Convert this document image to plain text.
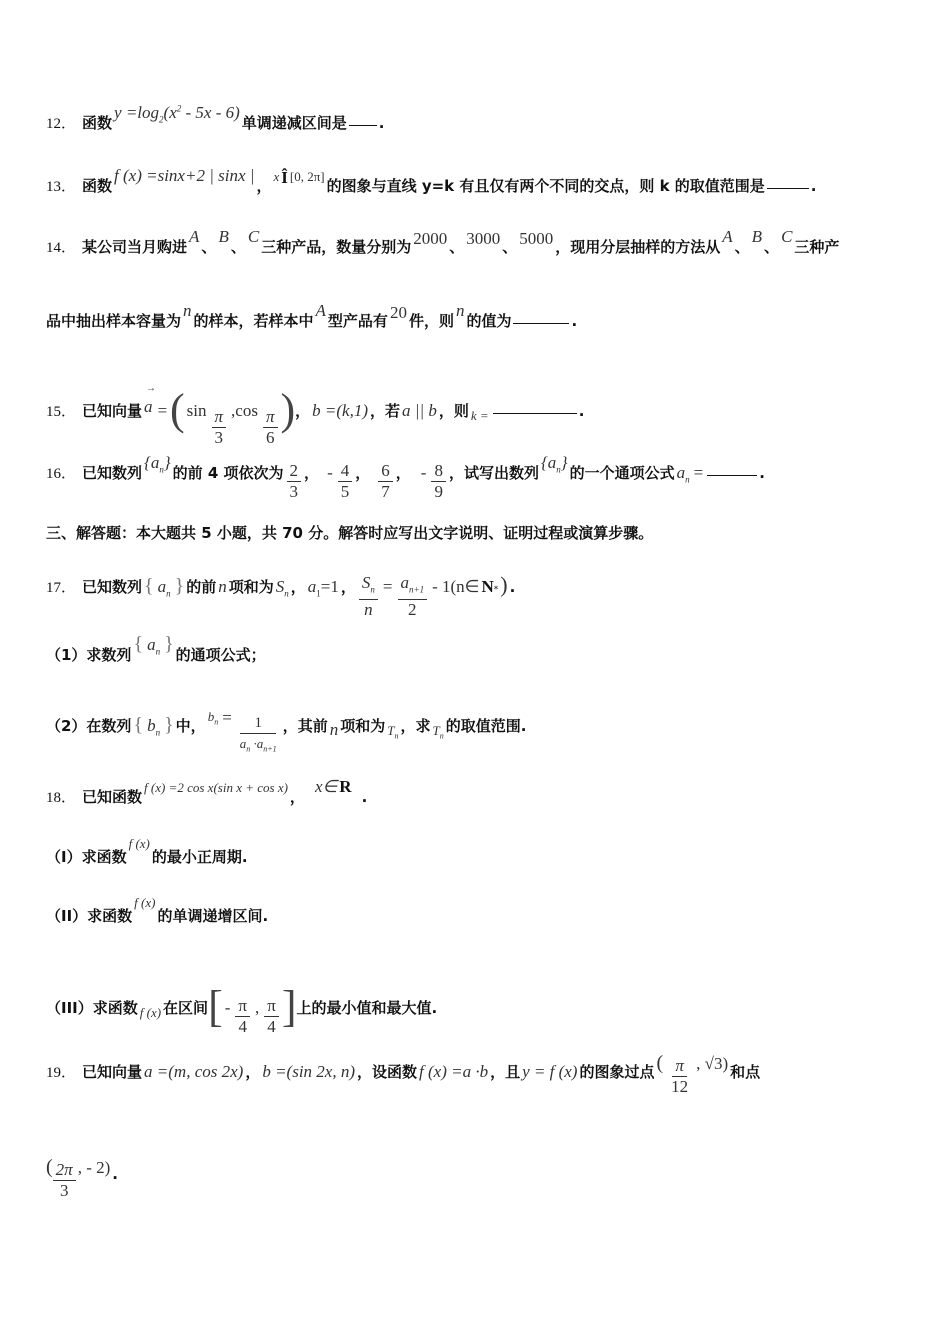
12． 函数
$y =\log_2(x^2 - 5x - 6)$
单调递减区间是 .
13． 函数
f (x) =sinx+2 | sinx |
，
x Î [0, 2π]
的图象与直线 y=k 有且仅有两个不同的交点，则 k 的取值范围是	.
14． 某公司当月购进
A
、
B
、
C
三种产品，数量分别为 2000 、 3000 、 5000 ，现用分层抽样的方法从
A
、
B
、
C
三种产
品中抽出样本容量为
n
的样本，若样本中
A
型产品有 20 件，则
n
的值为	.
15． 已知向量
→
a = ( $\sin \frac{\pi}{3} ,\cos \frac{\pi}{6}$ ) ， b =(k,1) ，若 a || b ，则 k =	.
16． 已知数列
$\{a_n\}$
的前 4 项依次为 $\frac{2}{3}$ ， - $\frac{4}{5}$ ， $\frac{6}{7}$ ， - $\frac{8}{9}$ ，试写出数列
$\{a_n\}$
的一个通项公式 $a_n$ =	.
三、解答题：本大题共 5 小题，共 70 分。解答时应写出文字说明、证明过程或演算步骤。
17． 已知数列 { $a_n$ } 的前 n 项和为 $S_n$ ， $a_1=1$ ， $\frac{S_n}{n} = \frac{a_{n+1}}{2}$ - 1(n∈ $N_*$ ) .
（1）求数列 { $a_n$ } 的通项公式；
（2）在数列 { $b_n$ } 中，
$b_n = \frac{1}{a_n \cdot a_{n+1}}$ ，其前 n 项和为 $T_n$
，求 $T_n$
的取值范围.
18． 已知函数
f (x) =2 cos x(sin x + cos x)
，
x∈ R
.
（I）求函数
f (x)
的最小正周期.
（II）求函数
f (x)
的单调递增区间.
（III）求函数 f (x) 在区间 [ - $\frac{\pi}{4}$ , $\frac{\pi}{4}$ ] 上的最小值和最大值.
19． 已知向量 a =(m, cos 2x) ， b =(sin 2x, n) ，设函数 f (x) =a ·b ，且 y = f (x) 的图象过点 ( $\frac{\pi}{12}$ , √3) 和点
( $\frac{2\pi}{3}$ , - 2) .
